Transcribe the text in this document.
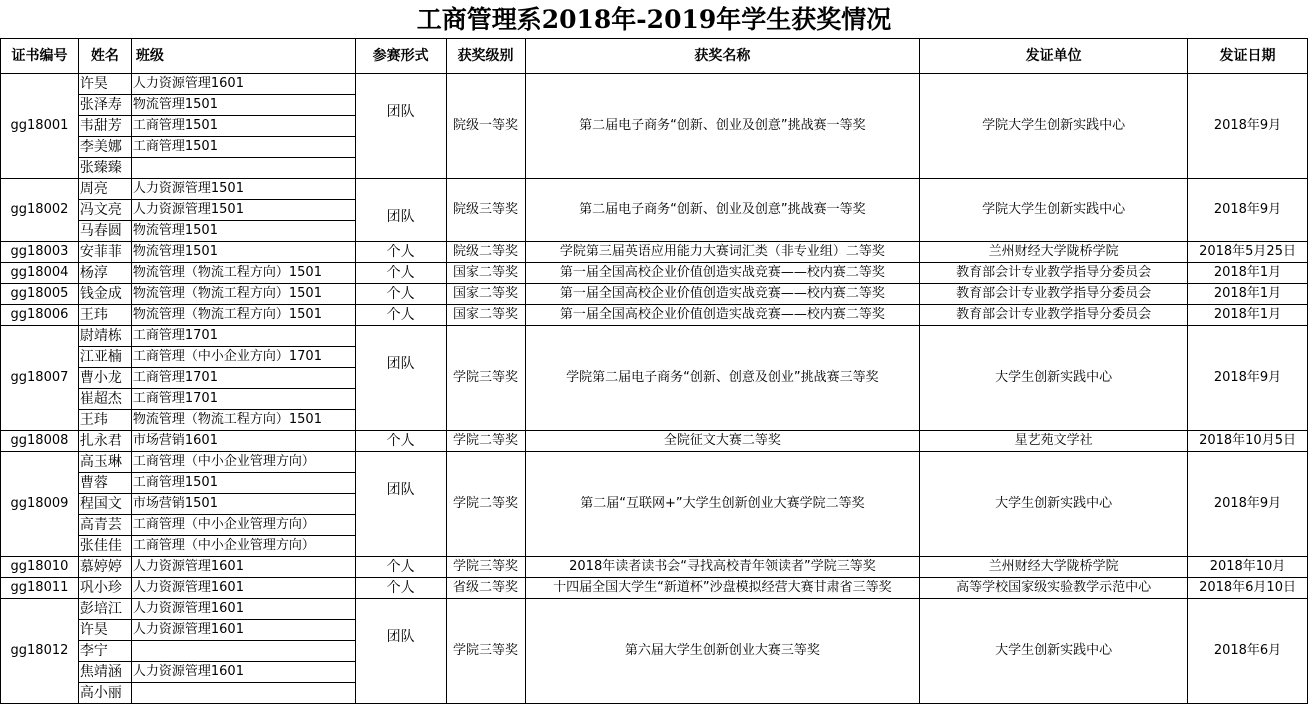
工商管理系2018年-2019年学生获奖情况
证书编号	姓名	班级	参赛形式	获奖级别	获奖名称	发证单位	发证日期
gg18001	许昊	人力资源管理1601	团队	院级一等奖	第二届电子商务“创新、创业及创意”挑战赛一等奖	学院大学生创新实践中心	2018年9月
	张泽寿	物流管理1501					
	韦甜芳	工商管理1501					
	李美娜	工商管理1501					
	张臻臻						
gg18002	周亮	人力资源管理1501	团队	院级三等奖	第二届电子商务“创新、创业及创意”挑战赛一等奖	学院大学生创新实践中心	2018年9月
	冯文亮	人力资源管理1501					
	马春圆	物流管理1501					
gg18003	安菲菲	物流管理1501	个人	院级二等奖	学院第三届英语应用能力大赛词汇类（非专业组）二等奖	兰州财经大学陇桥学院	2018年5月25日
gg18004	杨淳	物流管理（物流工程方向）1501	个人	国家二等奖	第一届全国高校企业价值创造实战竞赛——校内赛二等奖	教育部会计专业教学指导分委员会	2018年1月
gg18005	钱金成	物流管理（物流工程方向）1501	个人	国家二等奖	第一届全国高校企业价值创造实战竞赛——校内赛二等奖	教育部会计专业教学指导分委员会	2018年1月
gg18006	王玮	物流管理（物流工程方向）1501	个人	国家二等奖	第一届全国高校企业价值创造实战竞赛——校内赛二等奖	教育部会计专业教学指导分委员会	2018年1月
gg18007	尉靖栋	工商管理1701	团队	学院三等奖	学院第二届电子商务“创新、创意及创业”挑战赛三等奖	大学生创新实践中心	2018年9月
	江亚楠	工商管理（中小企业方向）1701					
	曹小龙	工商管理1701					
	崔超杰	工商管理1701					
	王玮	物流管理（物流工程方向）1501					
gg18008	扎永君	市场营销1601	个人	学院二等奖	全院征文大赛二等奖	星艺苑文学社	2018年10月5日
gg18009	高玉琳	工商管理（中小企业管理方向）	团队	学院二等奖	第二届“互联网+”大学生创新创业大赛学院二等奖	大学生创新实践中心	2018年9月
	曹蓉	工商管理1501					
	程国文	市场营销1501					
	高青芸	工商管理（中小企业管理方向）					
	张佳佳	工商管理（中小企业管理方向）					
gg18010	慕婷婷	人力资源管理1601	个人	学院三等奖	2018年读者读书会“寻找高校青年领读者”学院三等奖	兰州财经大学陇桥学院	2018年10月
gg18011	巩小珍	人力资源管理1601	个人	省级二等奖	十四届全国大学生“新道杯”沙盘模拟经营大赛甘肃省三等奖	高等学校国家级实验教学示范中心	2018年6月10日
gg18012	彭培江	人力资源管理1601	团队	学院三等奖	第六届大学生创新创业大赛三等奖	大学生创新实践中心	2018年6月
	许昊	人力资源管理1601					
	李宁						
	焦靖涵	人力资源管理1601					
	高小丽						
